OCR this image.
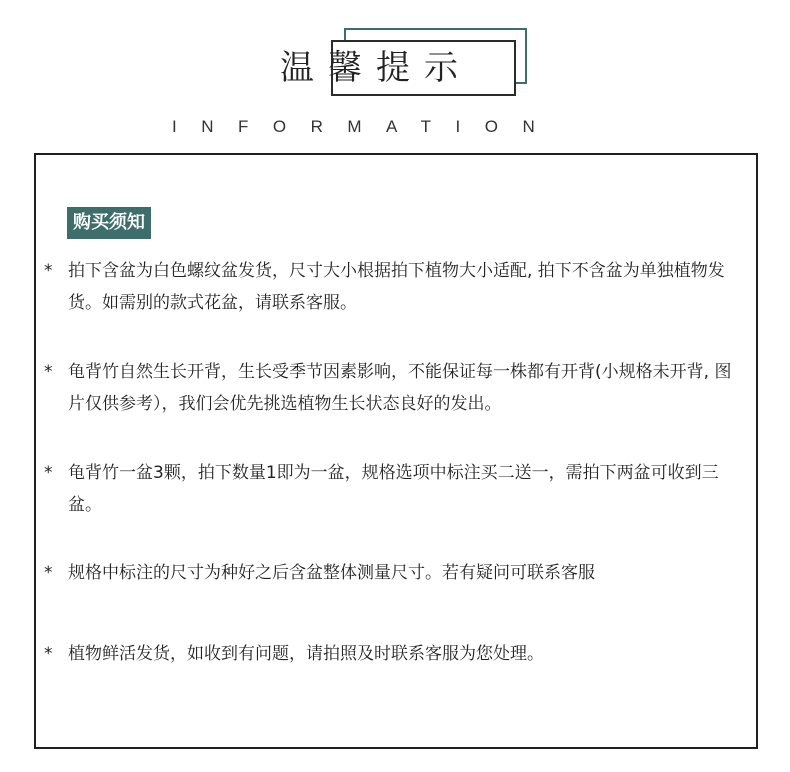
温馨提示
INFORMATION
购买须知
* 拍下含盆为白色螺纹盆发货，尺寸大小根据拍下植物大小适配, 拍下不含盆为单独植物发货。如需别的款式花盆，请联系客服。
* 龟背竹自然生长开背，生长受季节因素影响，不能保证每一株都有开背(小规格未开背, 图片仅供参考），我们会优先挑选植物生长状态良好的发出。
* 龟背竹一盆3颗，拍下数量1即为一盆，规格选项中标注买二送一，需拍下两盆可收到三盆。
* 规格中标注的尺寸为种好之后含盆整体测量尺寸。若有疑问可联系客服
* 植物鲜活发货，如收到有问题，请拍照及时联系客服为您处理。
